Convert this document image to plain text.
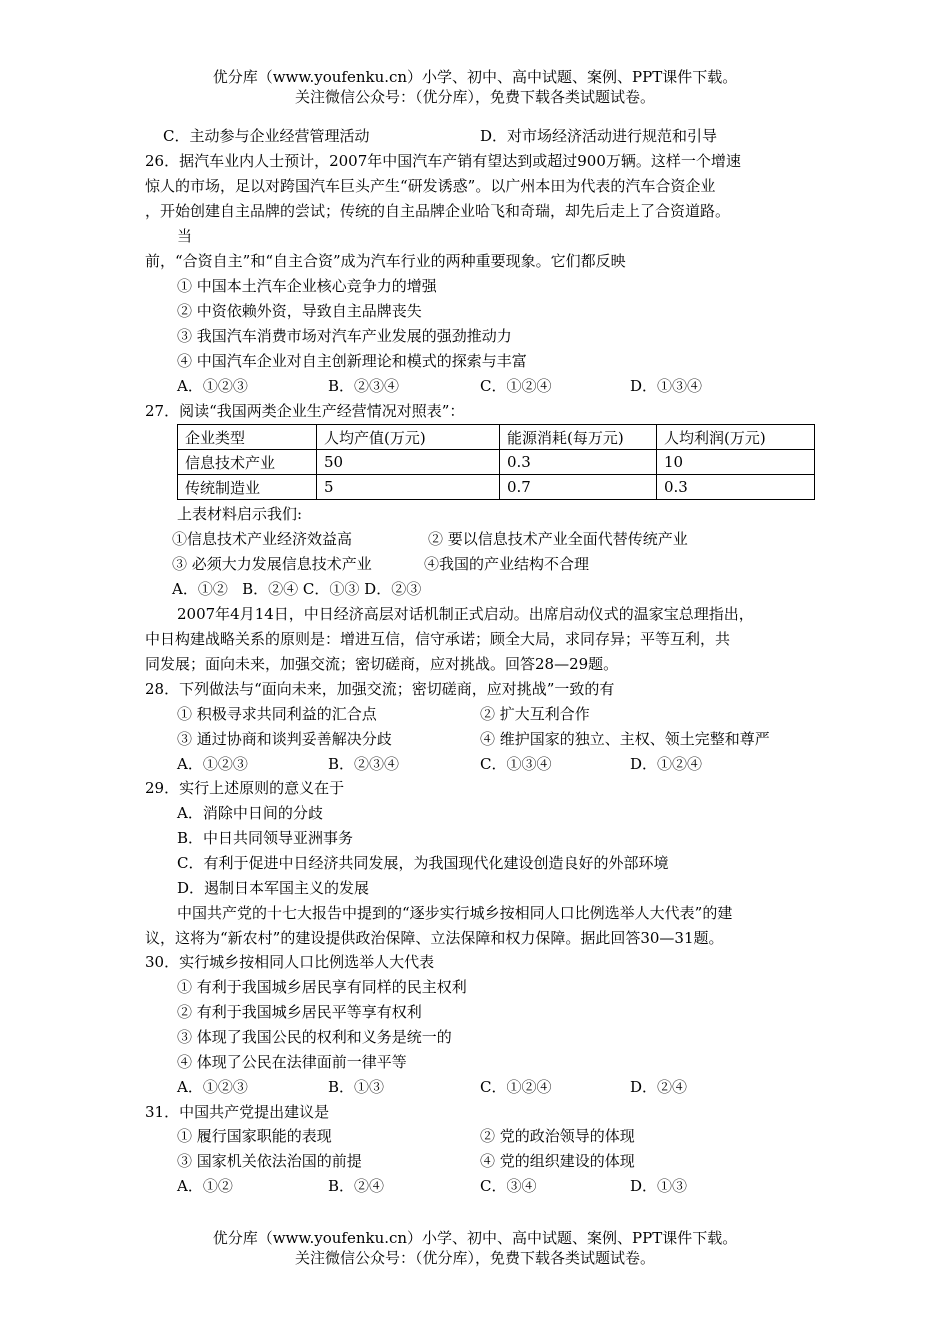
优分库（www.youfenku.cn）小学、初中、高中试题、案例、PPT课件下载。
关注微信公众号：（优分库），免费下载各类试题试卷。
C．主动参与企业经营管理活动	D．对市场经济活动进行规范和引导
26．据汽车业内人士预计，2007年中国汽车产销有望达到或超过900万辆。这样一个增速
惊人的市场，足以对跨国汽车巨头产生“研发诱惑”。以广州本田为代表的汽车合资企业
，开始创建自主品牌的尝试；传统的自主品牌企业哈飞和奇瑞，却先后走上了合资道路。
当
前，“合资自主”和“自主合资”成为汽车行业的两种重要现象。它们都反映
① 中国本土汽车企业核心竞争力的增强
② 中资依赖外资，导致自主品牌丧失
③ 我国汽车消费市场对汽车产业发展的强劲推动力
④ 中国汽车企业对自主创新理论和模式的探索与丰富
A．①②③	B．②③④	C．①②④	D．①③④
27．阅读“我国两类企业生产经营情况对照表”：
企业类型	人均产值(万元)	能源消耗(每万元)	人均利润(万元)
信息技术产业	50	0.3	10
传统制造业	5	0.7	0.3
上表材料启示我们:
①信息技术产业经济效益高	② 要以信息技术产业全面代替传统产业
③ 必须大力发展信息技术产业	④我国的产业结构不合理
A．①②   B．②④ C．①③ D．②③
2007年4月14日，中日经济高层对话机制正式启动。出席启动仪式的温家宝总理指出，
中日构建战略关系的原则是：增进互信，信守承诺；顾全大局，求同存异；平等互利，共
同发展；面向未来，加强交流；密切磋商，应对挑战。回答28—29题。
28．下列做法与“面向未来，加强交流；密切磋商，应对挑战”一致的有
① 积极寻求共同利益的汇合点	② 扩大互利合作
③ 通过协商和谈判妥善解决分歧	④ 维护国家的独立、主权、领土完整和尊严
A．①②③	B．②③④	C．①③④	D．①②④
29．实行上述原则的意义在于
A．消除中日间的分歧
B．中日共同领导亚洲事务
C．有利于促进中日经济共同发展，为我国现代化建设创造良好的外部环境
D．遏制日本军国主义的发展
中国共产党的十七大报告中提到的“逐步实行城乡按相同人口比例选举人大代表”的建
议，这将为“新农村”的建设提供政治保障、立法保障和权力保障。据此回答30—31题。
30．实行城乡按相同人口比例选举人大代表
① 有利于我国城乡居民享有同样的民主权利
② 有利于我国城乡居民平等享有权利
③ 体现了我国公民的权利和义务是统一的
④ 体现了公民在法律面前一律平等
A．①②③	B．①③	C．①②④	D．②④
31．中国共产党提出建议是
① 履行国家职能的表现	② 党的政治领导的体现
③ 国家机关依法治国的前提	④ 党的组织建设的体现
A．①②	B．②④	C．③④	D．①③
优分库（www.youfenku.cn）小学、初中、高中试题、案例、PPT课件下载。
关注微信公众号：（优分库），免费下载各类试题试卷。
